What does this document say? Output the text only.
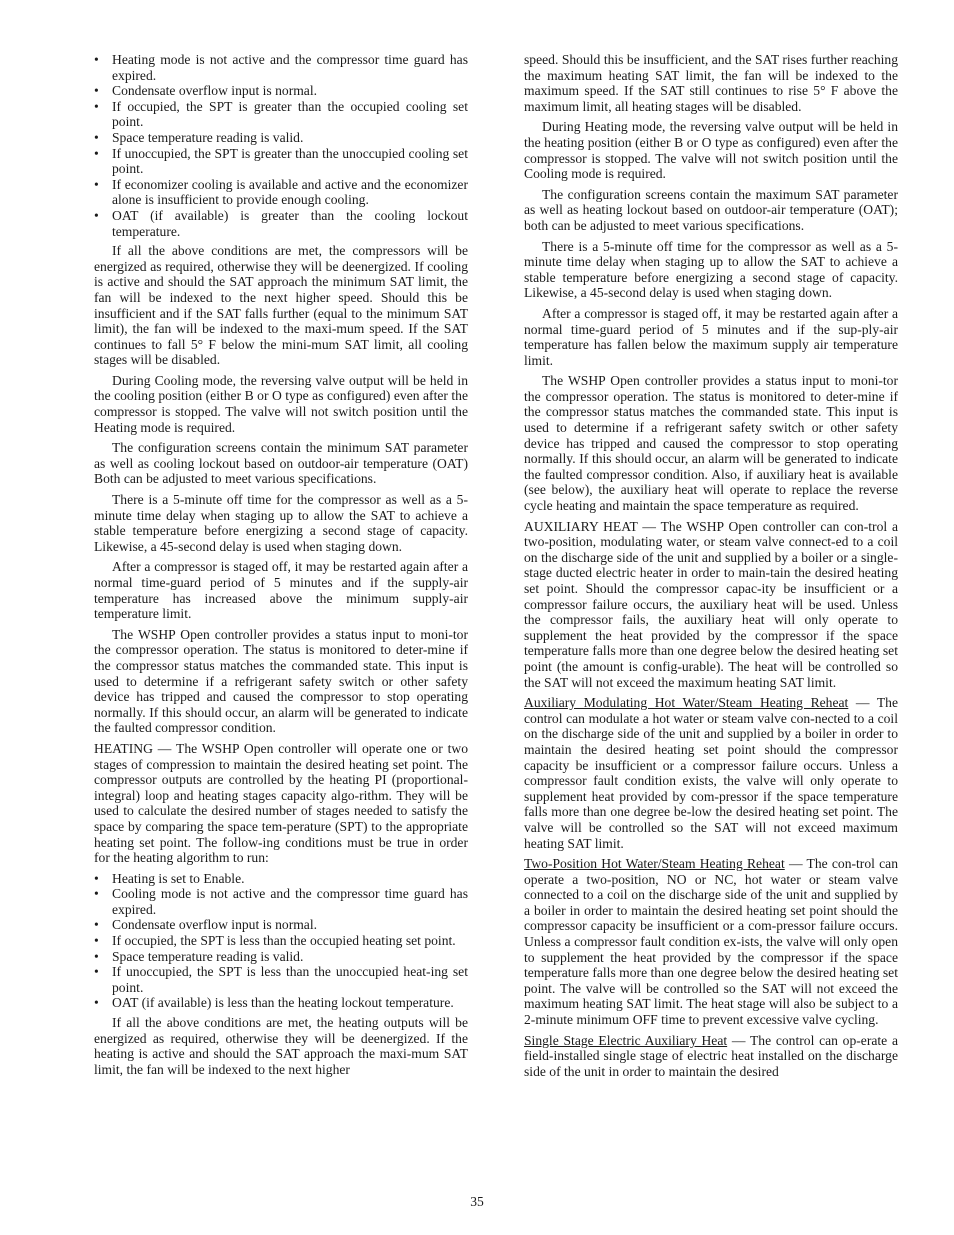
• Heating mode is not active and the compressor time guard has expired.
• Condensate overflow input is normal.
• If occupied, the SPT is greater than the occupied cooling set point.
• Space temperature reading is valid.
• If unoccupied, the SPT is greater than the unoccupied cooling set point.
• If economizer cooling is available and active and the economizer alone is insufficient to provide enough cooling.
• OAT (if available) is greater than the cooling lockout temperature.

If all the above conditions are met, the compressors will be energized as required, otherwise they will be deenergized. If cooling is active and should the SAT approach the minimum SAT limit, the fan will be indexed to the next higher speed. Should this be insufficient and if the SAT falls further (equal to the minimum SAT limit), the fan will be indexed to the maxi-mum speed. If the SAT continues to fall 5° F below the mini-mum SAT limit, all cooling stages will be disabled.

During Cooling mode, the reversing valve output will be held in the cooling position (either B or O type as configured) even after the compressor is stopped. The valve will not switch position until the Heating mode is required.

The configuration screens contain the minimum SAT parameter as well as cooling lockout based on outdoor-air temperature (OAT) Both can be adjusted to meet various specifications.

There is a 5-minute off time for the compressor as well as a 5-minute time delay when staging up to allow the SAT to achieve a stable temperature before energizing a second stage of capacity. Likewise, a 45-second delay is used when staging down.

After a compressor is staged off, it may be restarted again after a normal time-guard period of 5 minutes and if the supply-air temperature has increased above the minimum supply-air temperature limit.

The WSHP Open controller provides a status input to moni-tor the compressor operation. The status is monitored to deter-mine if the compressor status matches the commanded state. This input is used to determine if a refrigerant safety switch or other safety device has tripped and caused the compressor to stop operating normally. If this should occur, an alarm will be generated to indicate the faulted compressor condition.

HEATING — The WSHP Open controller will operate one or two stages of compression to maintain the desired heating set point. The compressor outputs are controlled by the heating PI (proportional-integral) loop and heating stages capacity algo-rithm. They will be used to calculate the desired number of stages needed to satisfy the space by comparing the space tem-perature (SPT) to the appropriate heating set point. The follow-ing conditions must be true in order for the heating algorithm to run:

• Heating is set to Enable.
• Cooling mode is not active and the compressor time guard has expired.
• Condensate overflow input is normal.
• If occupied, the SPT is less than the occupied heating set point.
• Space temperature reading is valid.
• If unoccupied, the SPT is less than the unoccupied heat-ing set point.
• OAT (if available) is less than the heating lockout temperature.

If all the above conditions are met, the heating outputs will be energized as required, otherwise they will be deenergized. If the heating is active and should the SAT approach the maxi-mum SAT limit, the fan will be indexed to the next higher

speed. Should this be insufficient, and the SAT rises further reaching the maximum heating SAT limit, the fan will be indexed to the maximum speed. If the SAT still continues to rise 5° F above the maximum limit, all heating stages will be disabled.

During Heating mode, the reversing valve output will be held in the heating position (either B or O type as configured) even after the compressor is stopped. The valve will not switch position until the Cooling mode is required.

The configuration screens contain the maximum SAT parameter as well as heating lockout based on outdoor-air temperature (OAT); both can be adjusted to meet various specifications.

There is a 5-minute off time for the compressor as well as a 5-minute time delay when staging up to allow the SAT to achieve a stable temperature before energizing a second stage of capacity. Likewise, a 45-second delay is used when staging down.

After a compressor is staged off, it may be restarted again after a normal time-guard period of 5 minutes and if the sup-ply-air temperature has fallen below the maximum supply air temperature limit.

The WSHP Open controller provides a status input to moni-tor the compressor operation. The status is monitored to deter-mine if the compressor status matches the commanded state. This input is used to determine if a refrigerant safety switch or other safety device has tripped and caused the compressor to stop operating normally. If this should occur, an alarm will be generated to indicate the faulted compressor condition. Also, if auxiliary heat is available (see below), the auxiliary heat will operate to replace the reverse cycle heating and maintain the space temperature as required.

AUXILIARY HEAT — The WSHP Open controller can con-trol a two-position, modulating water, or steam valve connect-ed to a coil on the discharge side of the unit and supplied by a boiler or a single-stage ducted electric heater in order to main-tain the desired heating set point. Should the compressor capac-ity be insufficient or a compressor failure occurs, the auxiliary heat will be used. Unless the compressor fails, the auxiliary heat will only operate to supplement the heat provided by the compressor if the space temperature falls more than one degree below the desired heating set point (the amount is config-urable). The heat will be controlled so the SAT will not exceed the maximum heating SAT limit.

Auxiliary Modulating Hot Water/Steam Heating Reheat — The control can modulate a hot water or steam valve con-nected to a coil on the discharge side of the unit and supplied by a boiler in order to maintain the desired heating set point should the compressor capacity be insufficient or a compressor failure occurs. Unless a compressor fault condition exists, the valve will only operate to supplement heat provided by com-pressor if the space temperature falls more than one degree be-low the desired heating set point. The valve will be controlled so the SAT will not exceed maximum heating SAT limit.

Two-Position Hot Water/Steam Heating Reheat — The con-trol can operate a two-position, NO or NC, hot water or steam valve connected to a coil on the discharge side of the unit and supplied by a boiler in order to maintain the desired heating set point should the compressor capacity be insufficient or a com-pressor failure occurs. Unless a compressor fault condition ex-ists, the valve will only open to supplement the heat provided by the compressor if the space temperature falls more than one degree below the desired heating set point. The valve will be controlled so the SAT will not exceed the maximum heating SAT limit. The heat stage will also be subject to a 2-minute minimum OFF time to prevent excessive valve cycling.

Single Stage Electric Auxiliary Heat — The control can op-erate a field-installed single stage of electric heat installed on the discharge side of the unit in order to maintain the desired

35
